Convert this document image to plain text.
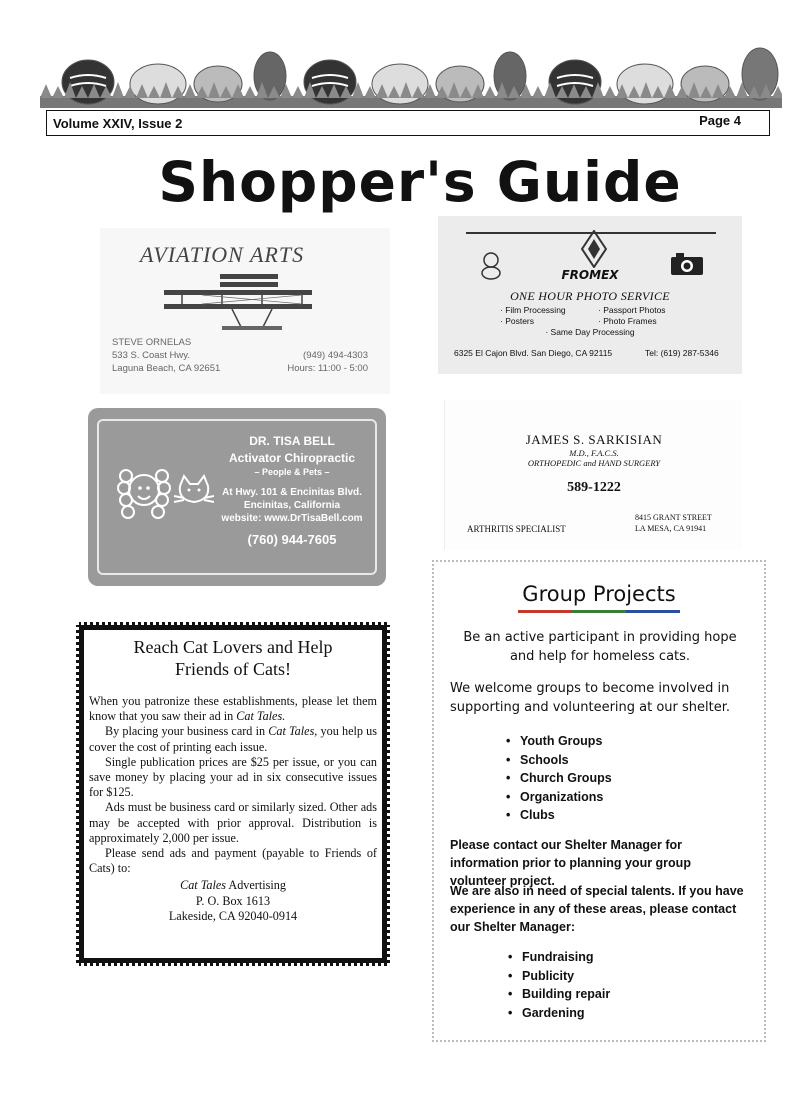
Volume XXIV, Issue 2	Page 4
Shopper's Guide
AVIATION ARTS
STEVE ORNELAS
533 S. Coast Hwy.
Laguna Beach, CA 92651
(949) 494-4303
Hours: 11:00 - 5:00
FROMEX
ONE HOUR PHOTO SERVICE
· Film Processing
· Posters
· Passport Photos
· Photo Frames
· Same Day Processing
6325 El Cajon Blvd. San Diego, CA 92115	Tel: (619) 287-5346
DR. TISA BELL
Activator Chiropractic
– People & Pets –
At Hwy. 101 & Encinitas Blvd.
Encinitas, California
website: www.DrTisaBell.com
(760) 944-7605
JAMES S. SARKISIAN
M.D., F.A.C.S.
ORTHOPEDIC and HAND SURGERY
589-1222
ARTHRITIS SPECIALIST
8415 GRANT STREET
LA MESA, CA 91941
Reach Cat Lovers and Help
Friends of Cats!
When you patronize these establishments, please let them know that you saw their ad in Cat Tales.
By placing your business card in Cat Tales, you help us cover the cost of printing each issue.
Single publication prices are $25 per issue, or you can save money by placing your ad in six consecutive issues for $125.
Ads must be business card or similarly sized. Other ads may be accepted with prior approval. Distribution is approximately 2,000 per issue.
Please send ads and payment (payable to Friends of Cats) to:
Cat Tales Advertising
P. O. Box 1613
Lakeside, CA 92040-0914
Group Projects
Be an active participant in providing hope and help for homeless cats.
We welcome groups to become involved in supporting and volunteering at our shelter.
• Youth Groups
• Schools
• Church Groups
• Organizations
• Clubs
Please contact our Shelter Manager for information prior to planning your group volunteer project.
We are also in need of special talents. If you have experience in any of these areas, please contact our Shelter Manager:
• Fundraising
• Publicity
• Building repair
• Gardening
